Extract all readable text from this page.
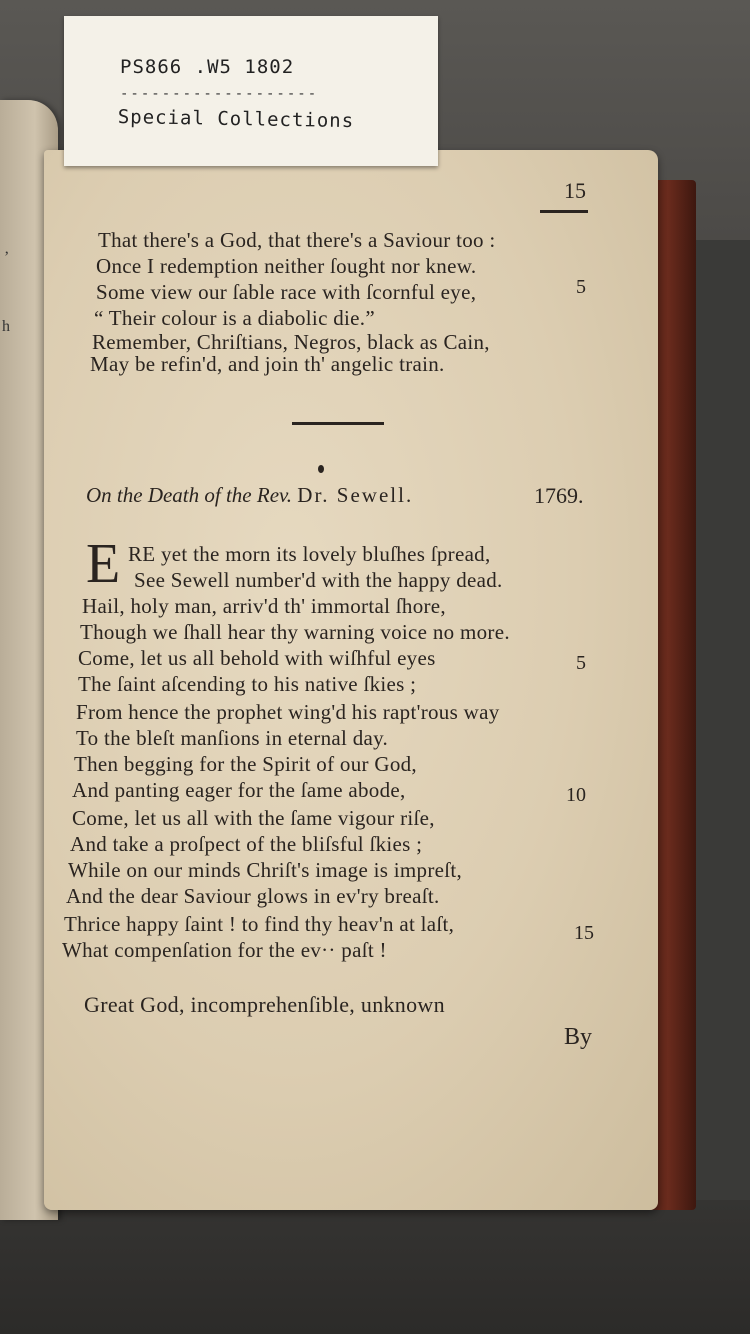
‚
h
15
That there's a God, that there's a Saviour too :
Once I redemption neither ſought nor knew.
Some view our ſable race with ſcornful eye,	5
“ Their colour is a diabolic die.”
Remember, Chriſtians, Negros, black as Cain,
May be refin'd, and join th' angelic train.
On the Death of the Rev. Dr. Sewell.	1769.
E RE yet the morn its lovely bluſhes ſpread,
See Sewell number'd with the happy dead.
Hail, holy man, arriv'd th' immortal ſhore,
Though we ſhall hear thy warning voice no more.
Come, let us all behold with wiſhful eyes	5
The ſaint aſcending to his native ſkies ;
From hence the prophet wing'd his rapt'rous way
To the bleſt manſions in eternal day.
Then begging for the Spirit of our God,
And panting eager for the ſame abode,	10
Come, let us all with the ſame vigour riſe,
And take a proſpect of the bliſsful ſkies ;
While on our minds Chriſt's image is impreſt,
And the dear Saviour glows in ev'ry breaſt.
Thrice happy ſaint ! to find thy heav'n at laſt,	15
What compenſation for the ev·· paſt !
Great God, incomprehenſible, unknown
By
PS866 .W5 1802
-------------------
Special Collections
